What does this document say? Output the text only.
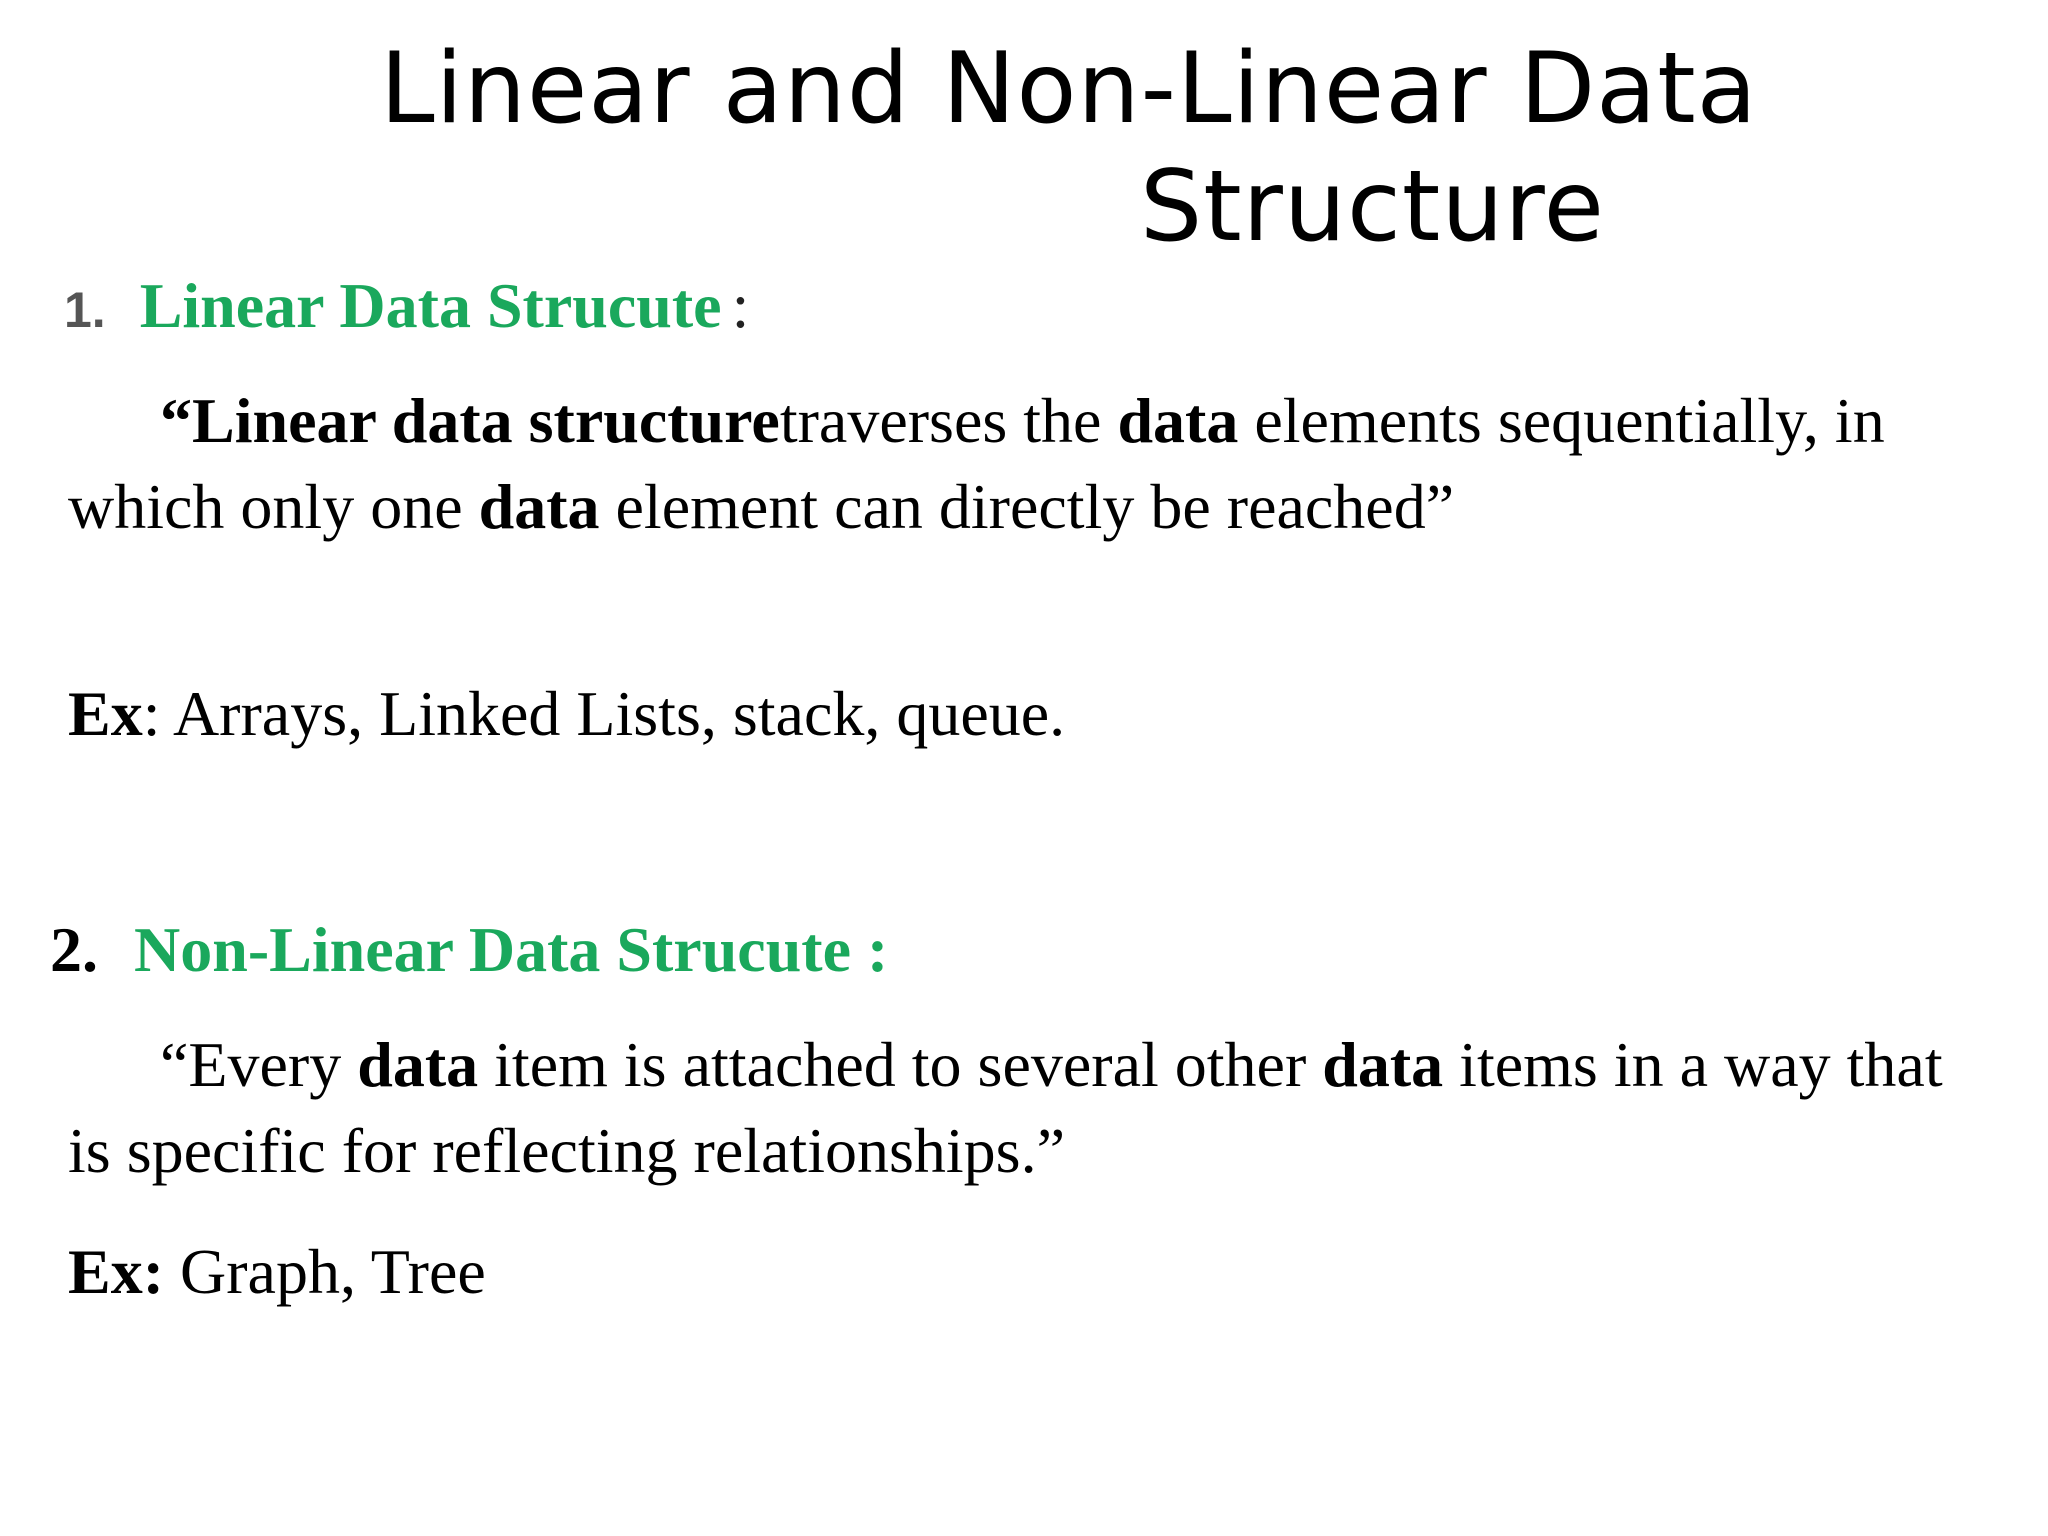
Linear and Non-Linear Data
Structure
1. Linear Data Strucute :

“Linear data structuretraverses the data elements sequentially, in which only one data element can directly be reached”

Ex: Arrays, Linked Lists, stack, queue.
2. Non-Linear Data Strucute :

“Every data item is attached to several other data items in a way that is specific for reflecting relationships.”

Ex: Graph, Tree
